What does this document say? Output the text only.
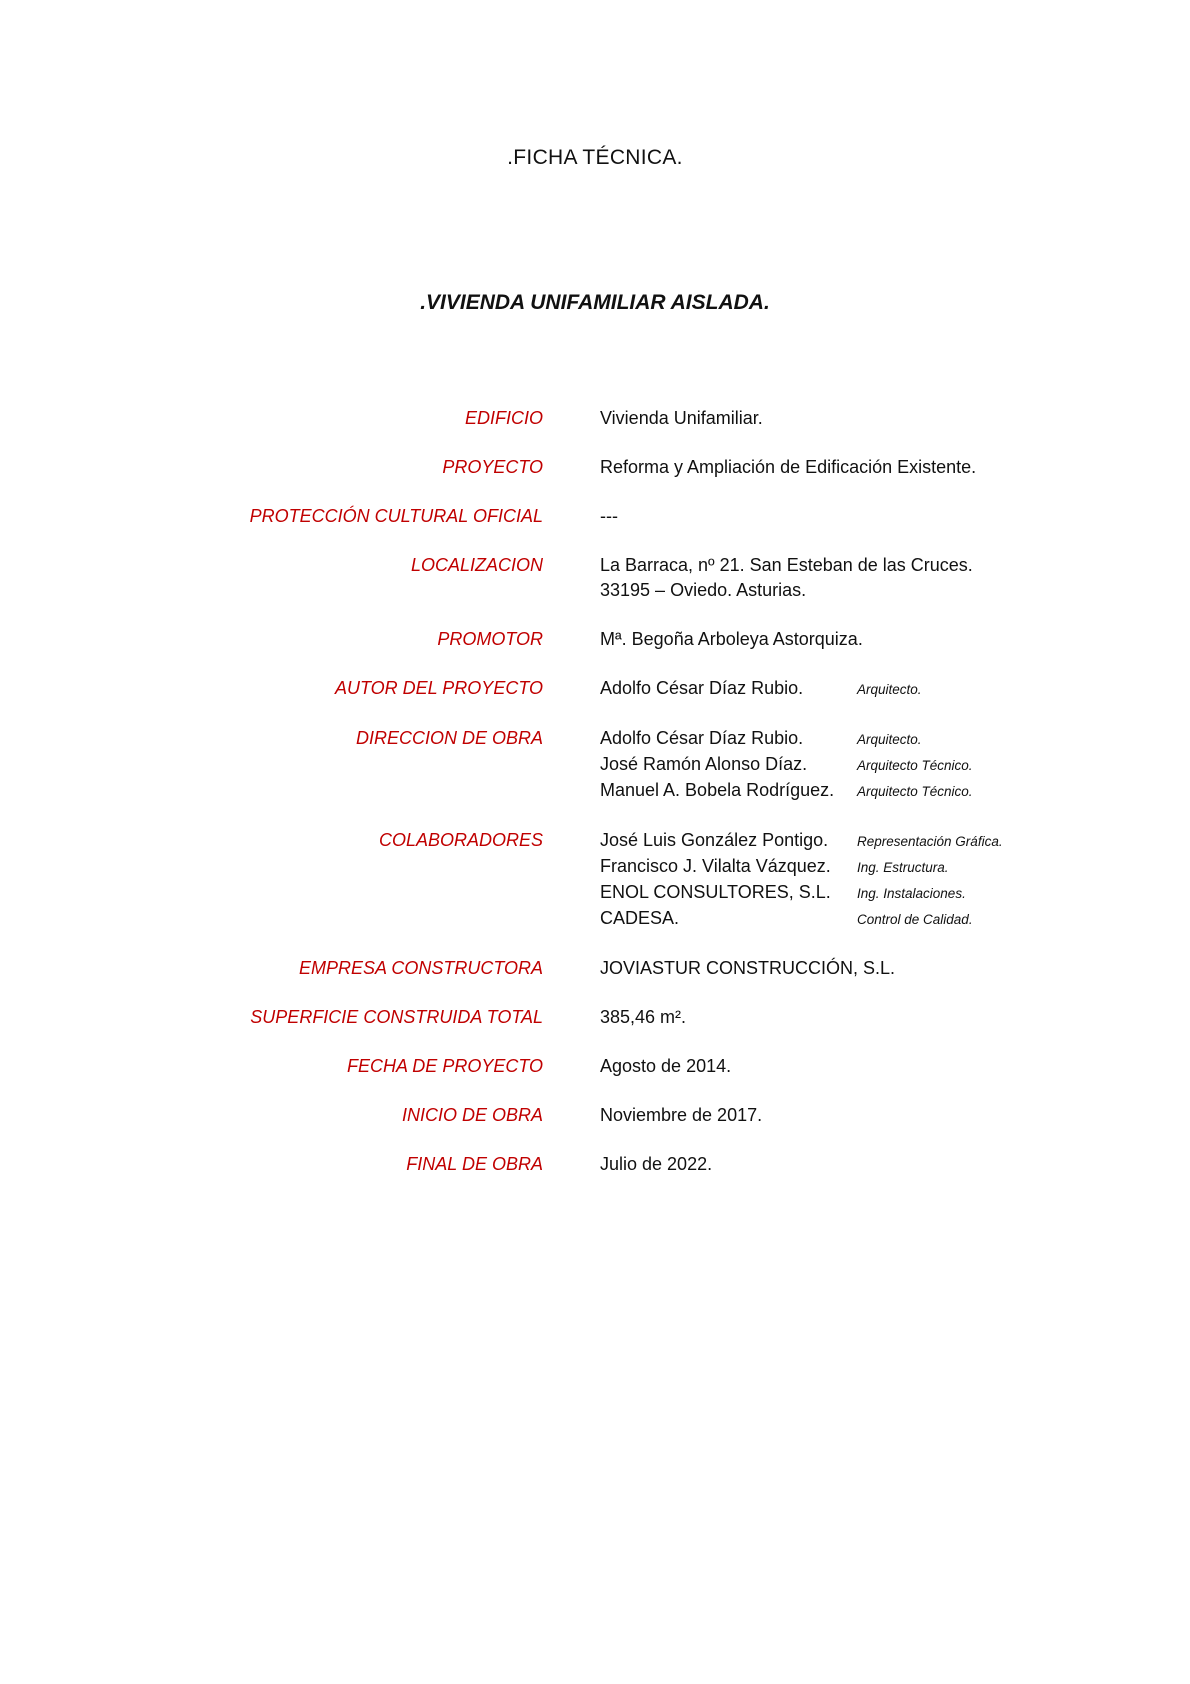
.FICHA TÉCNICA.
.VIVIENDA UNIFAMILIAR AISLADA.
EDIFICIO	Vivienda Unifamiliar.
PROYECTO	Reforma y Ampliación de Edificación Existente.
PROTECCIÓN CULTURAL OFICIAL	---
LOCALIZACION	La Barraca, nº 21. San Esteban de las Cruces.
33195 – Oviedo. Asturias.
PROMOTOR	Mª. Begoña Arboleya Astorquiza.
AUTOR DEL PROYECTO	Adolfo César Díaz Rubio.	Arquitecto.
DIRECCION DE OBRA	Adolfo César Díaz Rubio.	Arquitecto.
José Ramón Alonso Díaz.	Arquitecto Técnico.
Manuel A. Bobela Rodríguez.	Arquitecto Técnico.
COLABORADORES	José Luis González Pontigo.	Representación Gráfica.
Francisco J. Vilalta Vázquez.	Ing. Estructura.
ENOL CONSULTORES, S.L.	Ing. Instalaciones.
CADESA.	Control de Calidad.
EMPRESA CONSTRUCTORA	JOVIASTUR CONSTRUCCIÓN, S.L.
SUPERFICIE CONSTRUIDA TOTAL	385,46 m².
FECHA DE PROYECTO	Agosto de 2014.
INICIO DE OBRA	Noviembre de 2017.
FINAL DE OBRA	Julio de 2022.
